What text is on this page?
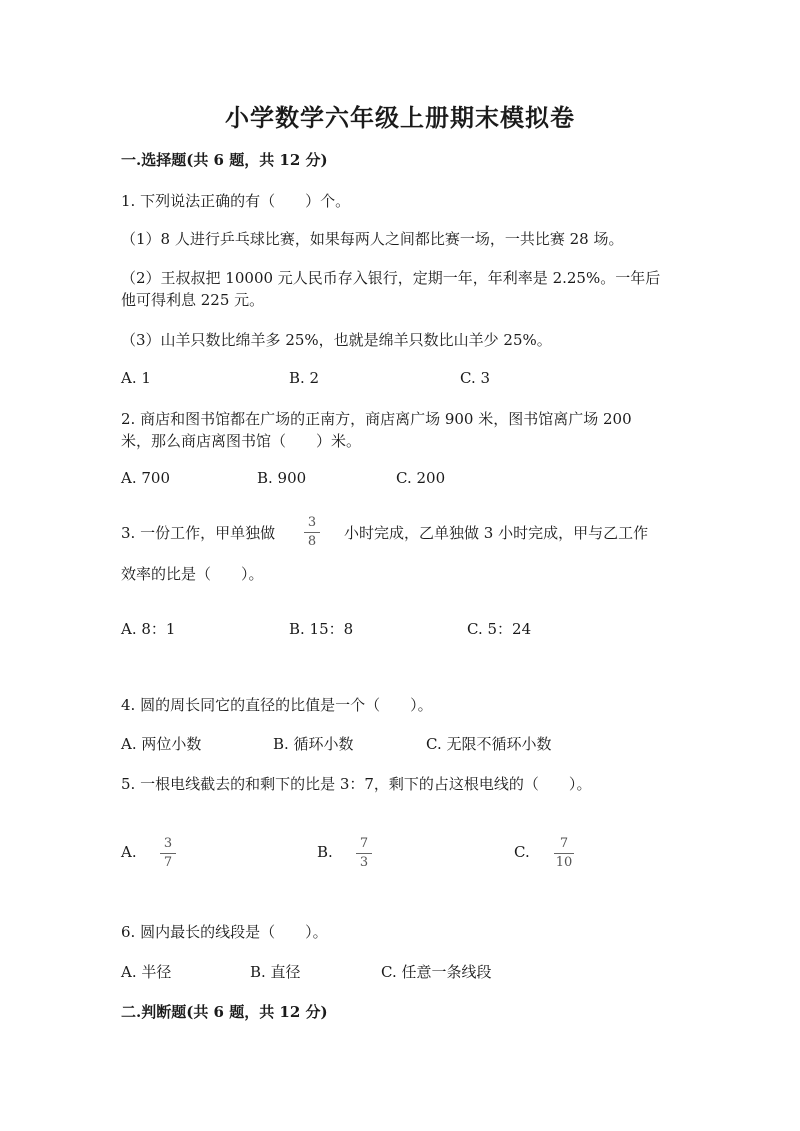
小学数学六年级上册期末模拟卷
一.选择题(共 6 题，共 12 分)
1. 下列说法正确的有（　　）个。
（1）8 人进行乒乓球比赛，如果每两人之间都比赛一场，一共比赛 28 场。
（2）王叔叔把 10000 元人民币存入银行，定期一年，年利率是 2.25%。一年后
他可得利息 225 元。
（3）山羊只数比绵羊多 25%，也就是绵羊只数比山羊少 25%。
A. 1	B. 2	C. 3
2. 商店和图书馆都在广场的正南方，商店离广场 900 米，图书馆离广场 200
米，那么商店离图书馆（　　）米。
A. 700	B. 900	C. 200
3. 一份工作，甲单独做
3
8 小时完成，乙单独做 3 小时完成，甲与乙工作
效率的比是（　　）。
A. 8：1	B. 15：8	C. 5：24
4. 圆的周长同它的直径的比值是一个（　　）。
A. 两位小数	B. 循环小数	C. 无限不循环小数
5. 一根电线截去的和剩下的比是 3：7，剩下的占这根电线的（　　）。
A. 3
7
B. 7
3
C. 7
10
6. 圆内最长的线段是（　　）。
A. 半径	B. 直径	C. 任意一条线段
二.判断题(共 6 题，共 12 分)
